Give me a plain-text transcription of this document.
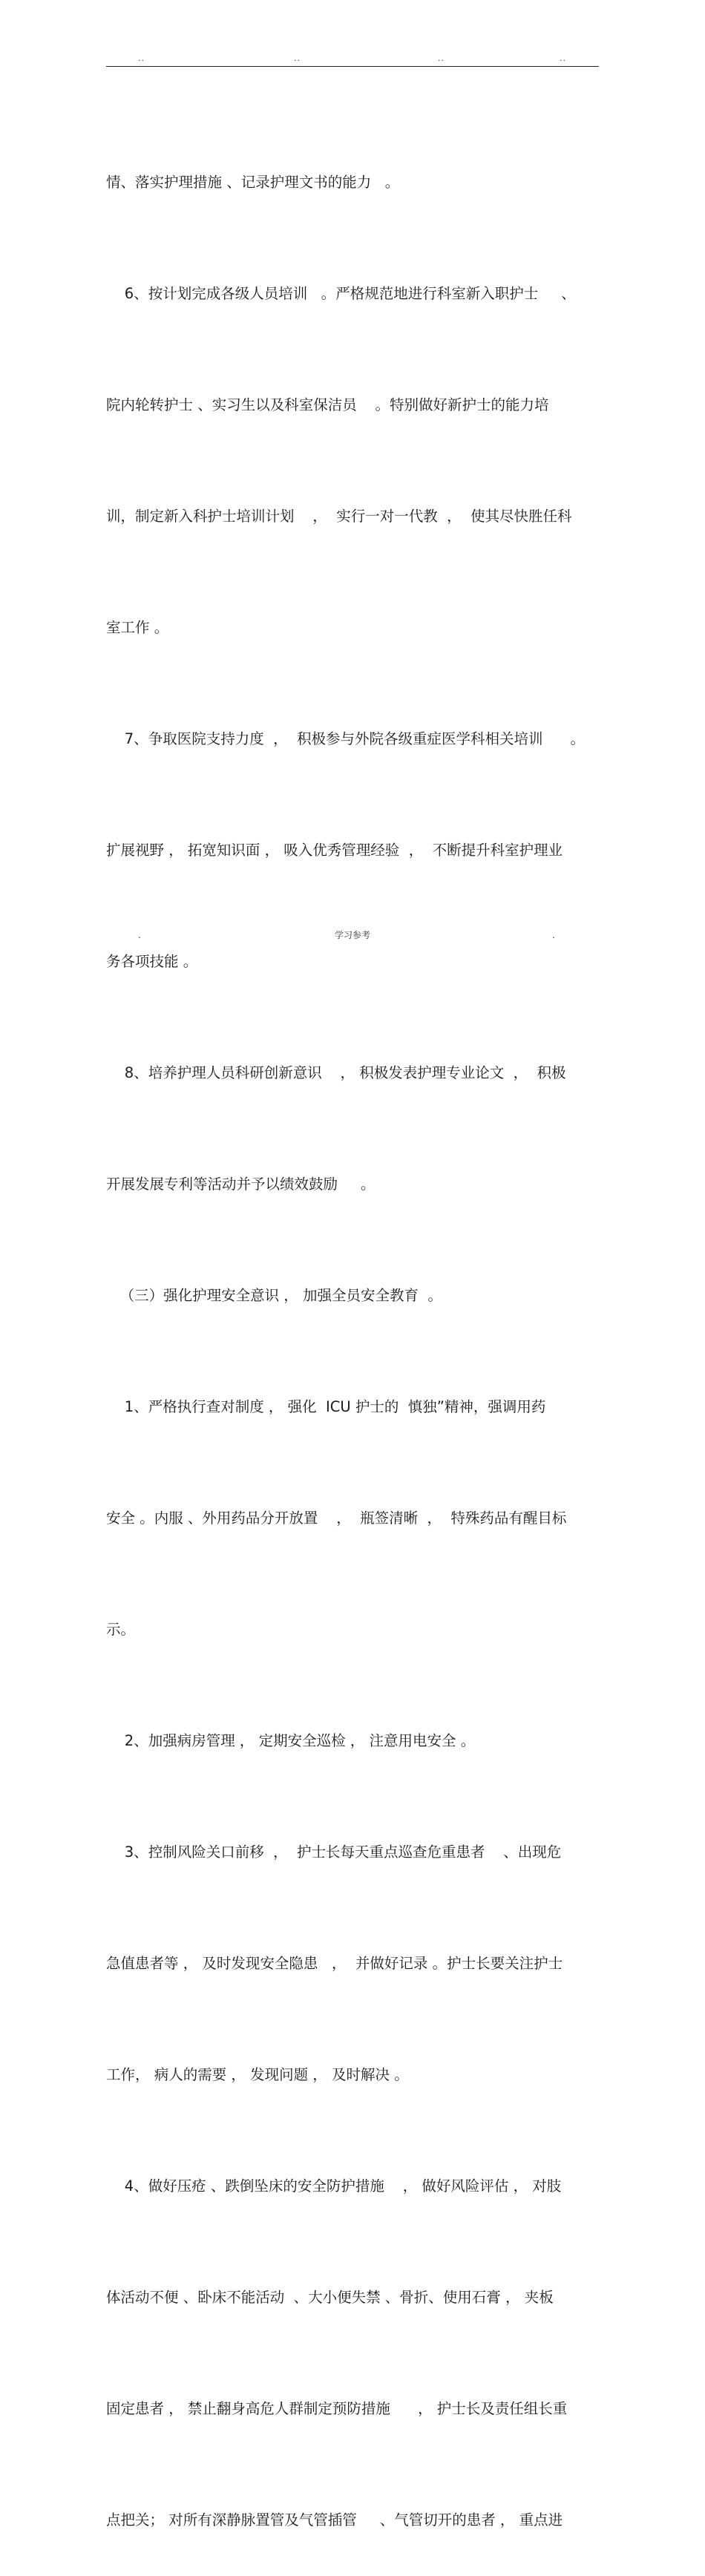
..	..	..	..

情、落实护理措施 、记录护理文书的能力   。

6、按计划完成各级人员培训   。严格规范地进行科室新入职护士     、

院内轮转护士 、实习生以及科室保洁员    。特别做好新护士的能力培

训，制定新入科护士培训计划    ，  实行一对一代教  ，  使其尽快胜任科

室工作 。

7、争取医院支持力度  ，  积极参与外院各级重症医学科相关培训      。

扩展视野 ， 拓宽知识面 ， 吸入优秀管理经验  ，  不断提升科室护理业

务各项技能 。

8、培养护理人员科研创新意识    ， 积极发表护理专业论文  ，  积极

开展发展专利等活动并予以绩效鼓励     。

（三）强化护理安全意识 ， 加强全员安全教育  。

1、严格执行查对制度 ， 强化  ICU 护士的  慎独”精神，强调用药

安全 。内服 、外用药品分开放置    ，  瓶签清晰  ，  特殊药品有醒目标

示。

2、加强病房管理 ， 定期安全巡检 ， 注意用电安全 。

3、控制风险关口前移  ，  护士长每天重点巡查危重患者    、出现危

急值患者等 ， 及时发现安全隐患   ，  并做好记录 。护士长要关注护士

工作， 病人的需要 ， 发现问题 ， 及时解决 。

4、做好压疮 、跌倒坠床的安全防护措施    ， 做好风险评估 ， 对肢

体活动不便 、卧床不能活动  、大小便失禁 、骨折、使用石膏 ， 夹板

固定患者 ， 禁止翻身高危人群制定预防措施      ， 护士长及责任组长重

点把关； 对所有深静脉置管及气管插管     、气管切开的患者 ， 重点进

.	学习参考	.
